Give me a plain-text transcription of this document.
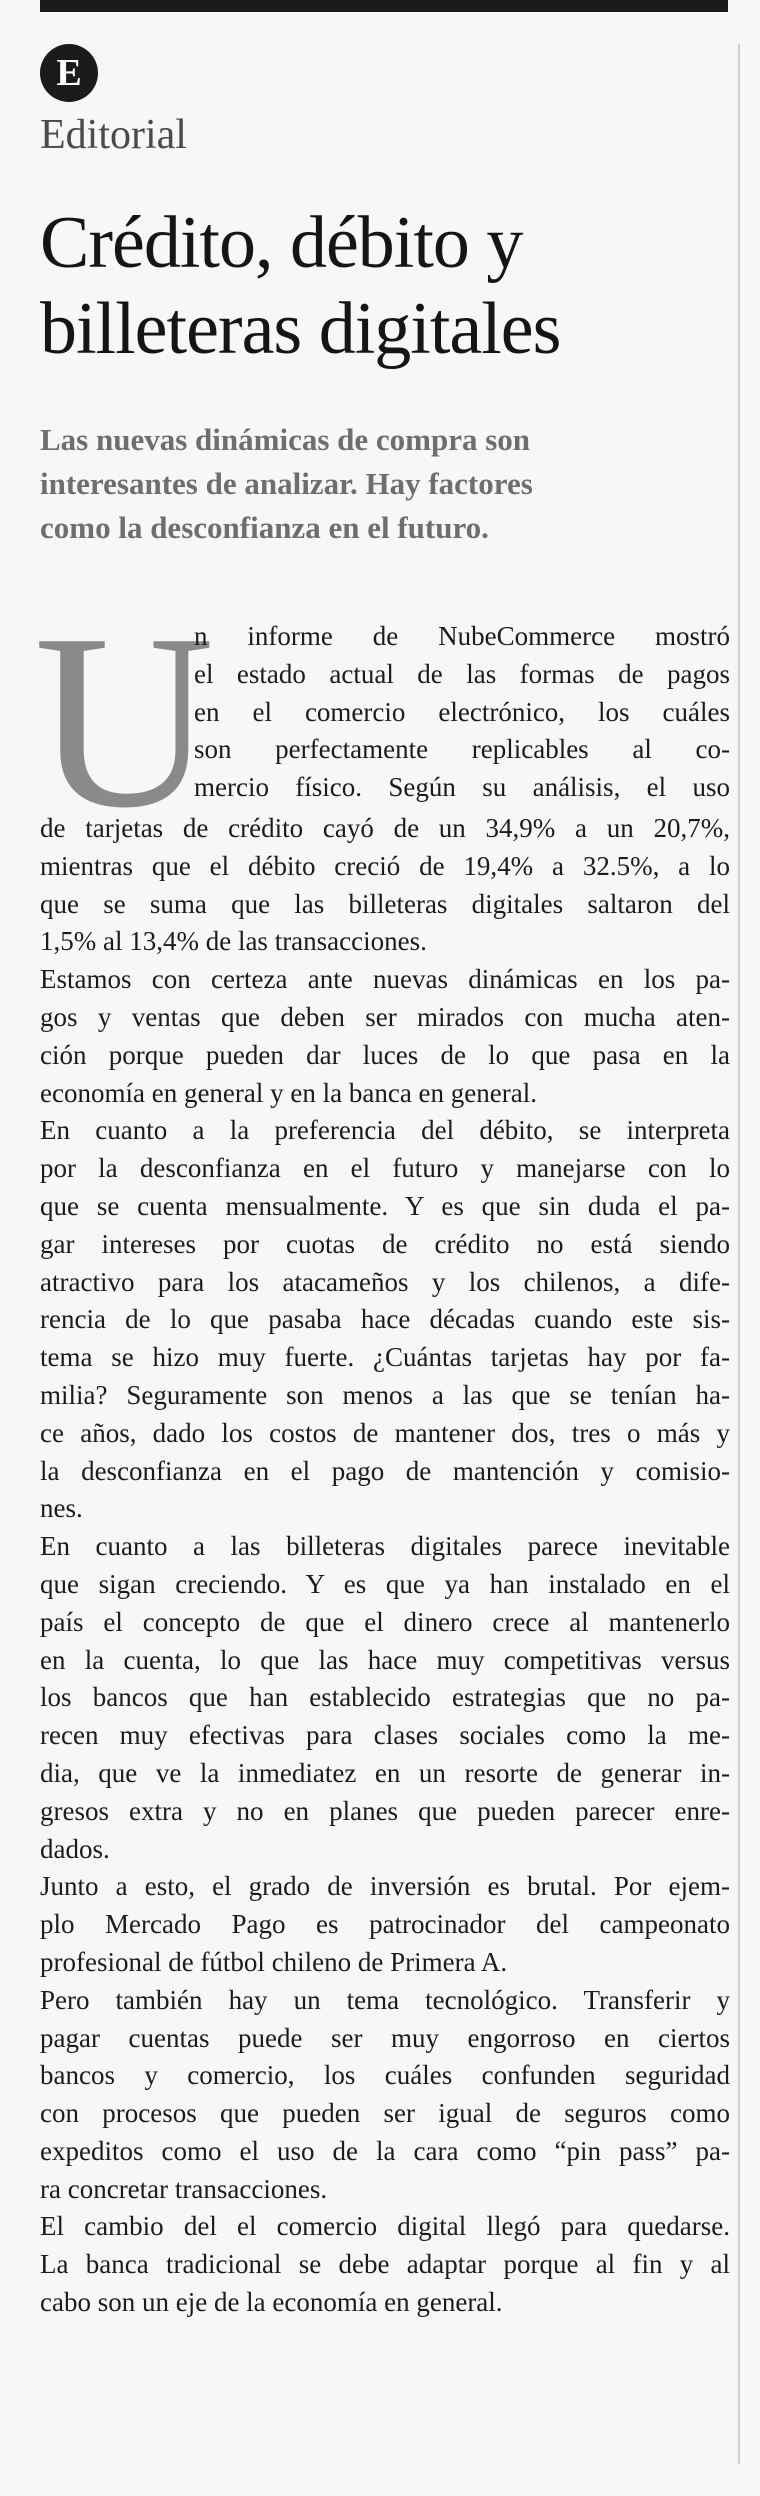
E
Editorial
Crédito, débito y
billeteras digitales
Las nuevas dinámicas de compra son
interesantes de analizar. Hay factores
como la desconfianza en el futuro.
U
n informe de NubeCommerce mostró
el estado actual de las formas de pagos
en el comercio electrónico, los cuáles
son perfectamente replicables al co-
mercio físico. Según su análisis, el uso
de tarjetas de crédito cayó de un 34,9% a un 20,7%,
mientras que el débito creció de 19,4% a 32.5%, a lo
que se suma que las billeteras digitales saltaron del
1,5% al 13,4% de las transacciones.
Estamos con certeza ante nuevas dinámicas en los pa-
gos y ventas que deben ser mirados con mucha aten-
ción porque pueden dar luces de lo que pasa en la
economía en general y en la banca en general.
En cuanto a la preferencia del débito, se interpreta
por la desconfianza en el futuro y manejarse con lo
que se cuenta mensualmente. Y es que sin duda el pa-
gar intereses por cuotas de crédito no está siendo
atractivo para los atacameños y los chilenos, a dife-
rencia de lo que pasaba hace décadas cuando este sis-
tema se hizo muy fuerte. ¿Cuántas tarjetas hay por fa-
milia? Seguramente son menos a las que se tenían ha-
ce años, dado los costos de mantener dos, tres o más y
la desconfianza en el pago de mantención y comisio-
nes.
En cuanto a las billeteras digitales parece inevitable
que sigan creciendo. Y es que ya han instalado en el
país el concepto de que el dinero crece al mantenerlo
en la cuenta, lo que las hace muy competitivas versus
los bancos que han establecido estrategias que no pa-
recen muy efectivas para clases sociales como la me-
dia, que ve la inmediatez en un resorte de generar in-
gresos extra y no en planes que pueden parecer enre-
dados.
Junto a esto, el grado de inversión es brutal. Por ejem-
plo Mercado Pago es patrocinador del campeonato
profesional de fútbol chileno de Primera A.
Pero también hay un tema tecnológico. Transferir y
pagar cuentas puede ser muy engorroso en ciertos
bancos y comercio, los cuáles confunden seguridad
con procesos que pueden ser igual de seguros como
expeditos como el uso de la cara como “pin pass” pa-
ra concretar transacciones.
El cambio del el comercio digital llegó para quedarse.
La banca tradicional se debe adaptar porque al fin y al
cabo son un eje de la economía en general.
